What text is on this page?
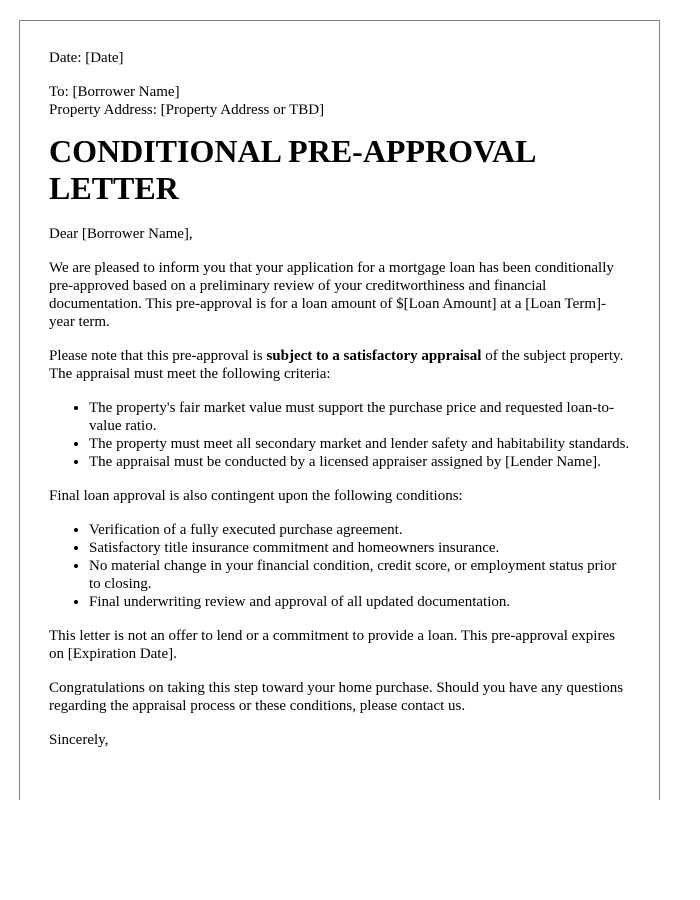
Date: [Date]

To: [Borrower Name]

Property Address: [Property Address or TBD]

CONDITIONAL PRE-APPROVAL LETTER

Dear [Borrower Name],

We are pleased to inform you that your application for a mortgage loan has been conditionally pre-approved based on a preliminary review of your creditworthiness and financial documentation. This pre-approval is for a loan amount of $[Loan Amount] at a [Loan Term]-year term.

Please note that this pre-approval is subject to a satisfactory appraisal of the subject property. The appraisal must meet the following criteria:

• The property's fair market value must support the purchase price and requested loan-to-value ratio.
• The property must meet all secondary market and lender safety and habitability standards.
• The appraisal must be conducted by a licensed appraiser assigned by [Lender Name].

Final loan approval is also contingent upon the following conditions:

• Verification of a fully executed purchase agreement.
• Satisfactory title insurance commitment and homeowners insurance.
• No material change in your financial condition, credit score, or employment status prior to closing.
• Final underwriting review and approval of all updated documentation.

This letter is not an offer to lend or a commitment to provide a loan. This pre-approval expires on [Expiration Date].

Congratulations on taking this step toward your home purchase. Should you have any questions regarding the appraisal process or these conditions, please contact us.

Sincerely,
